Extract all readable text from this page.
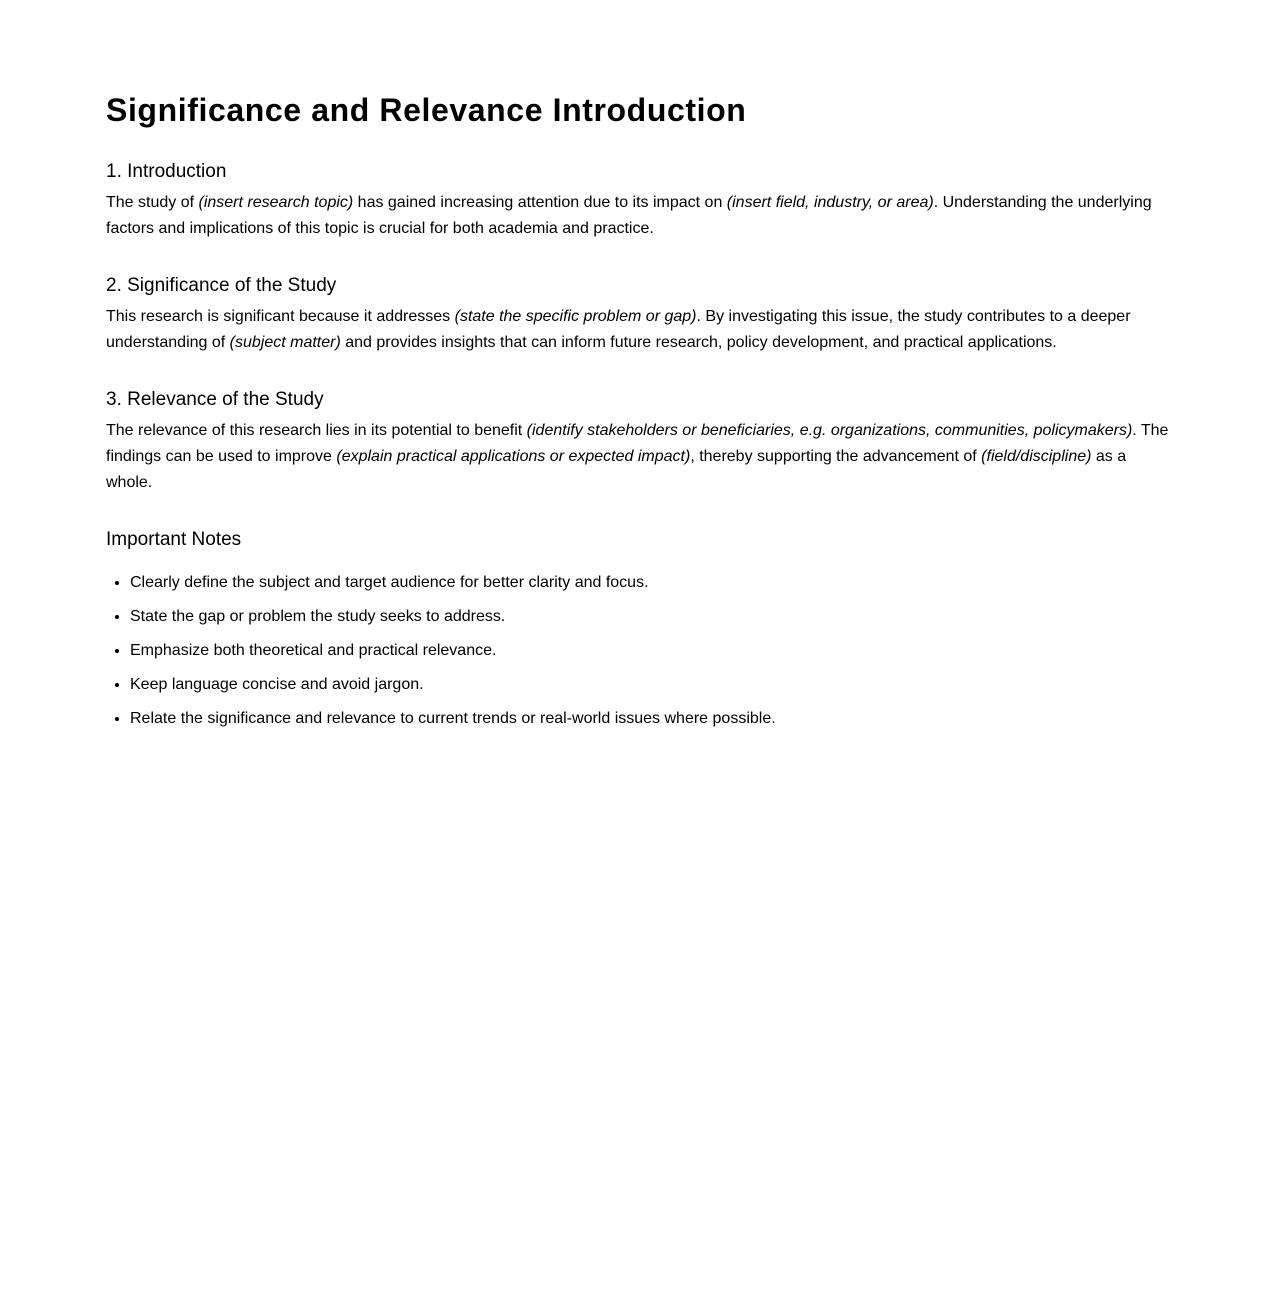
Significance and Relevance Introduction
1. Introduction

The study of (insert research topic) has gained increasing attention due to its impact on (insert field, industry, or area). Understanding the underlying factors and implications of this topic is crucial for both academia and practice.

2. Significance of the Study

This research is significant because it addresses (state the specific problem or gap). By investigating this issue, the study contributes to a deeper understanding of (subject matter) and provides insights that can inform future research, policy development, and practical applications.

3. Relevance of the Study

The relevance of this research lies in its potential to benefit (identify stakeholders or beneficiaries, e.g. organizations, communities, policymakers). The findings can be used to improve (explain practical applications or expected impact), thereby supporting the advancement of (field/discipline) as a whole.

Important Notes
• Clearly define the subject and target audience for better clarity and focus.
• State the gap or problem the study seeks to address.
• Emphasize both theoretical and practical relevance.
• Keep language concise and avoid jargon.
• Relate the significance and relevance to current trends or real-world issues where possible.
